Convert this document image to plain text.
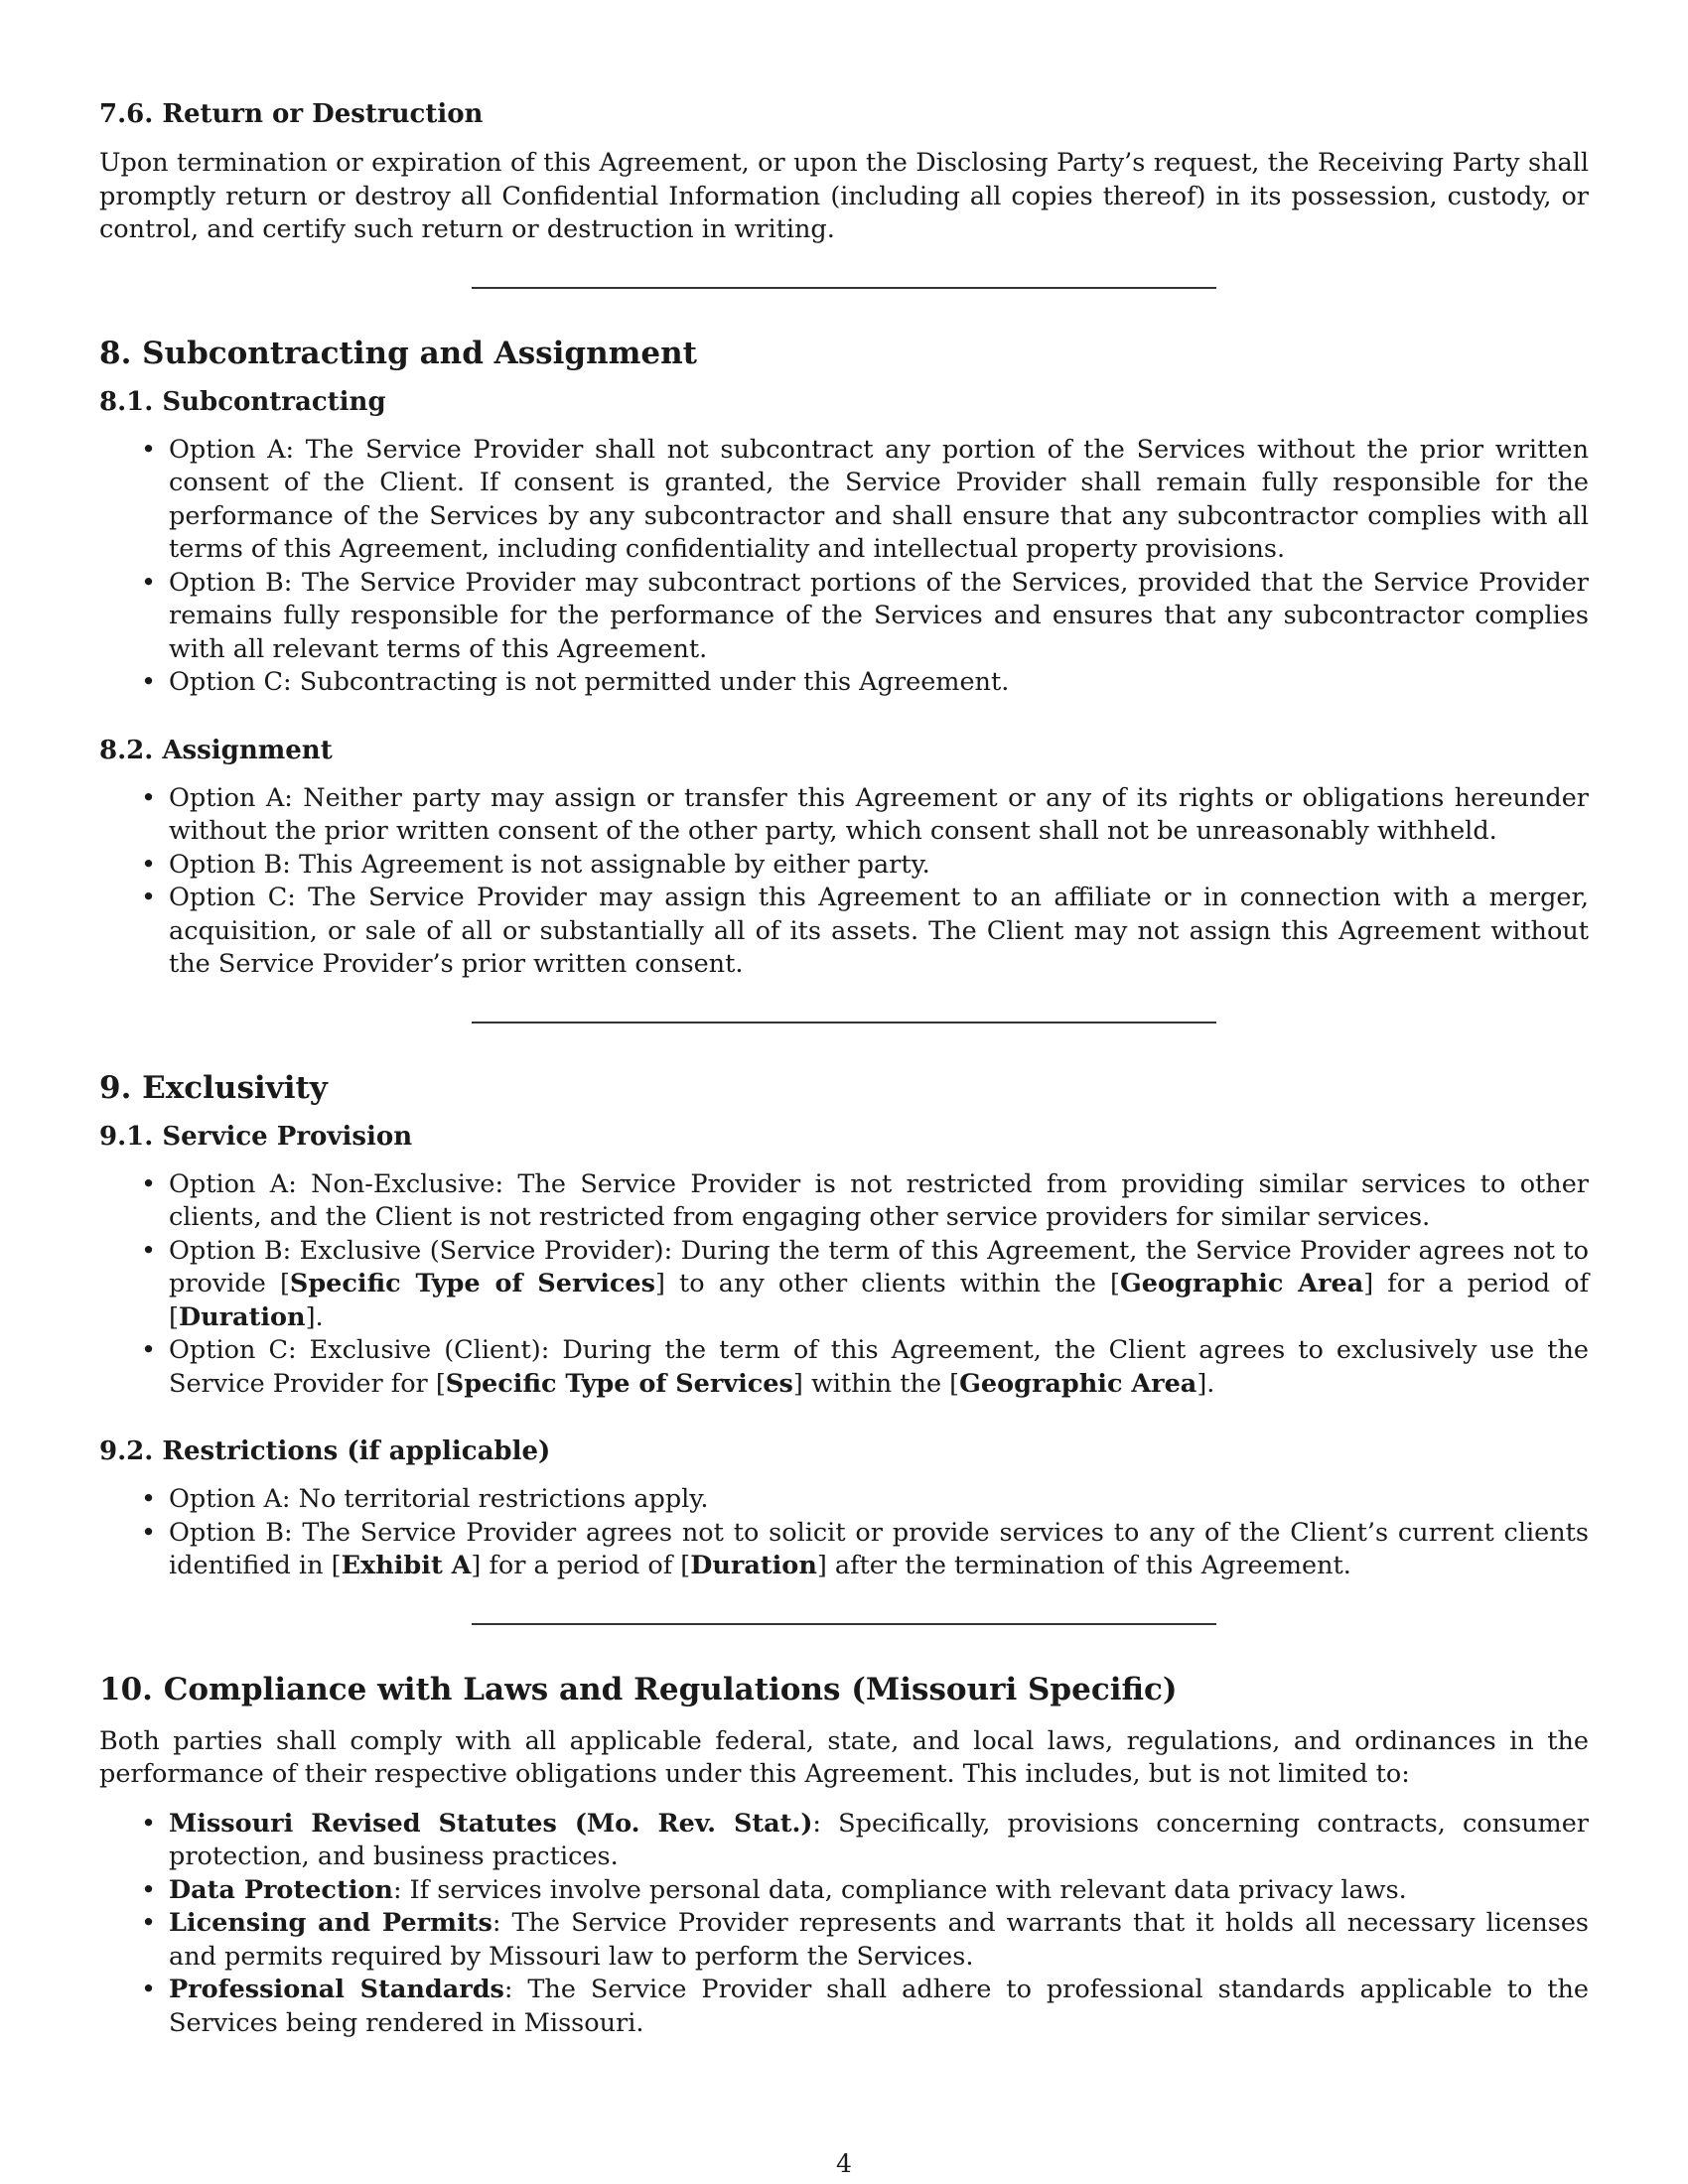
7.6. Return or Destruction

Upon termination or expiration of this Agreement, or upon the Disclosing Party’s request, the Receiving Party shall promptly return or destroy all Confidential Information (including all copies thereof) in its possession, custody, or control, and certify such return or destruction in writing.

8. Subcontracting and Assignment
8.1. Subcontracting
• Option A: The Service Provider shall not subcontract any portion of the Services without the prior written consent of the Client. If consent is granted, the Service Provider shall remain fully responsible for the performance of the Services by any subcontractor and shall ensure that any subcontractor complies with all terms of this Agreement, including confidentiality and intellectual property provisions.
• Option B: The Service Provider may subcontract portions of the Services, provided that the Service Provider remains fully responsible for the performance of the Services and ensures that any subcontractor complies with all relevant terms of this Agreement.
• Option C: Subcontracting is not permitted under this Agreement.
8.2. Assignment
• Option A: Neither party may assign or transfer this Agreement or any of its rights or obligations hereunder without the prior written consent of the other party, which consent shall not be unreasonably withheld.
• Option B: This Agreement is not assignable by either party.
• Option C: The Service Provider may assign this Agreement to an affiliate or in connection with a merger, acquisition, or sale of all or substantially all of its assets. The Client may not assign this Agreement without the Service Provider’s prior written consent.
9. Exclusivity
9.1. Service Provision
• Option A: Non-Exclusive: The Service Provider is not restricted from providing similar services to other clients, and the Client is not restricted from engaging other service providers for similar services.
• Option B: Exclusive (Service Provider): During the term of this Agreement, the Service Provider agrees not to provide [Specific Type of Services] to any other clients within the [Geographic Area] for a period of [Duration].
• Option C: Exclusive (Client): During the term of this Agreement, the Client agrees to exclusively use the Service Provider for [Specific Type of Services] within the [Geographic Area].
9.2. Restrictions (if applicable)
• Option A: No territorial restrictions apply.
• Option B: The Service Provider agrees not to solicit or provide services to any of the Client’s current clients identified in [Exhibit A] for a period of [Duration] after the termination of this Agreement.
10. Compliance with Laws and Regulations (Missouri Specific)

Both parties shall comply with all applicable federal, state, and local laws, regulations, and ordinances in the performance of their respective obligations under this Agreement. This includes, but is not limited to:

• Missouri Revised Statutes (Mo. Rev. Stat.): Specifically, provisions concerning contracts, consumer protection, and business practices.
• Data Protection: If services involve personal data, compliance with relevant data privacy laws.
• Licensing and Permits: The Service Provider represents and warrants that it holds all necessary licenses and permits required by Missouri law to perform the Services.
• Professional Standards: The Service Provider shall adhere to professional standards applicable to the Services being rendered in Missouri.
4
